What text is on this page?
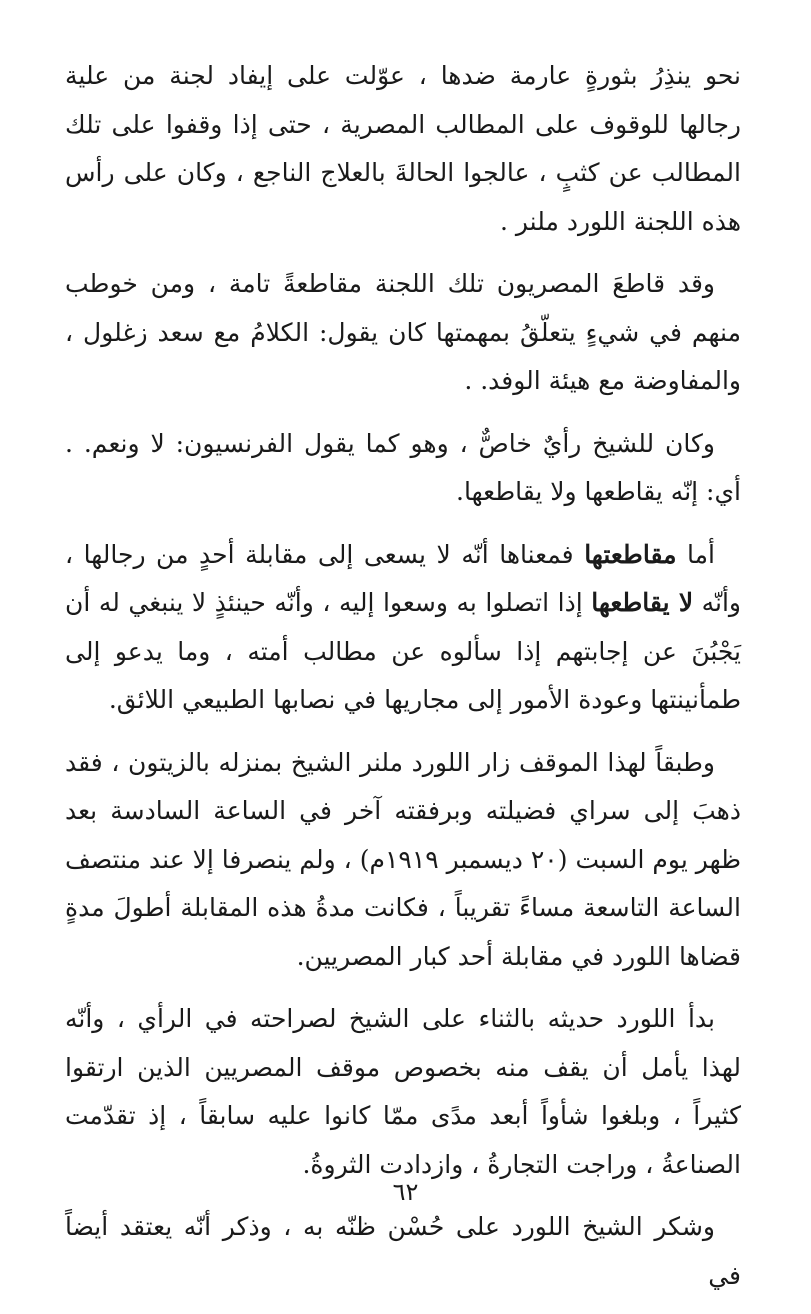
نحو ينذِرُ بثورةٍ عارمة ضدها ، عوّلت على إيفاد لجنة من علية رجالها للوقوف على المطالب المصرية ، حتى إذا وقفوا على تلك المطالب عن كثبٍ ، عالجوا الحالةَ بالعلاج الناجع ، وكان على رأس هذه اللجنة اللورد ملنر .

وقد قاطعَ المصريون تلك اللجنة مقاطعةً تامة ، ومن خوطب منهم في شيءٍ يتعلّقُ بمهمتها كان يقول: الكلامُ مع سعد زغلول ، والمفاوضة مع هيئة الوفد. .

وكان للشيخ رأيٌ خاصٌّ ، وهو كما يقول الفرنسيون: لا ونعم. . أي: إنّه يقاطعها ولا يقاطعها.

أما مقاطعتها فمعناها أنّه لا يسعى إلى مقابلة أحدٍ من رجالها ، وأنّه لا يقاطعها إذا اتصلوا به وسعوا إليه ، وأنّه حينئذٍ لا ينبغي له أن يَجْبُنَ عن إجابتهم إذا سألوه عن مطالب أمته ، وما يدعو إلى طمأنينتها وعودة الأمور إلى مجاريها في نصابها الطبيعي اللائق.

وطبقاً لهذا الموقف زار اللورد ملنر الشيخ بمنزله بالزيتون ، فقد ذهبَ إلى سراي فضيلته وبرفقته آخر في الساعة السادسة بعد ظهر يوم السبت (٢٠ ديسمبر ١٩١٩م) ، ولم ينصرفا إلا عند منتصف الساعة التاسعة مساءً تقريباً ، فكانت مدةُ هذه المقابلة أطولَ مدةٍ قضاها اللورد في مقابلة أحد كبار المصريين.

بدأ اللورد حديثه بالثناء على الشيخ لصراحته في الرأي ، وأنّه لهذا يأمل أن يقف منه بخصوص موقف المصريين الذين ارتقوا كثيراً ، وبلغوا شأواً أبعد مدًى ممّا كانوا عليه سابقاً ، إذ تقدّمت الصناعةُ ، وراجت التجارةُ ، وازدادت الثروةُ.

وشكر الشيخ اللورد على حُسْن ظنّه به ، وذكر أنّه يعتقد أيضاً في

٦٢
